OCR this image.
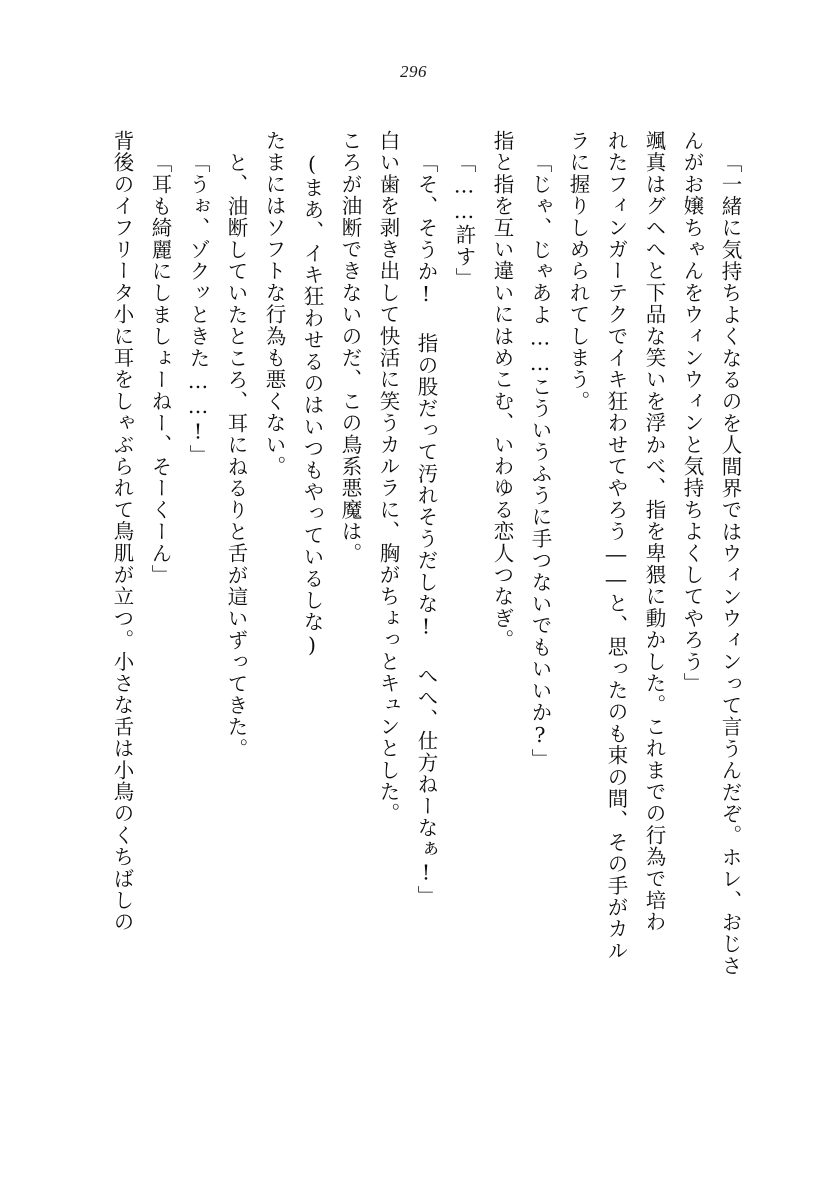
296
「一緒に気持ちよくなるのを人間界ではウィンウィンって言うんだぞ。ホレ、おじさ
んがお嬢ちゃんをウィンウィンと気持ちよくしてやろう」
颯真はグヘへと下品な笑いを浮かべ、指を卑猥に動かした。これまでの行為で培わ
れたフィンガーテクでイキ狂わせてやろう――と、思ったのも束の間、その手がカル
ラに握りしめられてしまう。
「じゃ、じゃあよ……こういうふうに手つないでもいいか?」
指と指を互い違いにはめこむ、いわゆる恋人つなぎ。
「……許す」
「そ、そうか! 指の股だって汚れそうだしな! へへ、仕方ねーなぁ!」
白い歯を剥き出して快活に笑うカルラに、胸がちょっとキュンとした。
ころが油断できないのだ、この鳥系悪魔は。
(まあ、イキ狂わせるのはいつもやっているしな)
たまにはソフトな行為も悪くない。
と、油断していたところ、耳にねるりと舌が這いずってきた。
「うぉ、ゾクッときた……!」
「耳も綺麗にしましょーねー、そーくーん」
背後のイフリータ小に耳をしゃぶられて鳥肌が立つ。小さな舌は小鳥のくちばしの
